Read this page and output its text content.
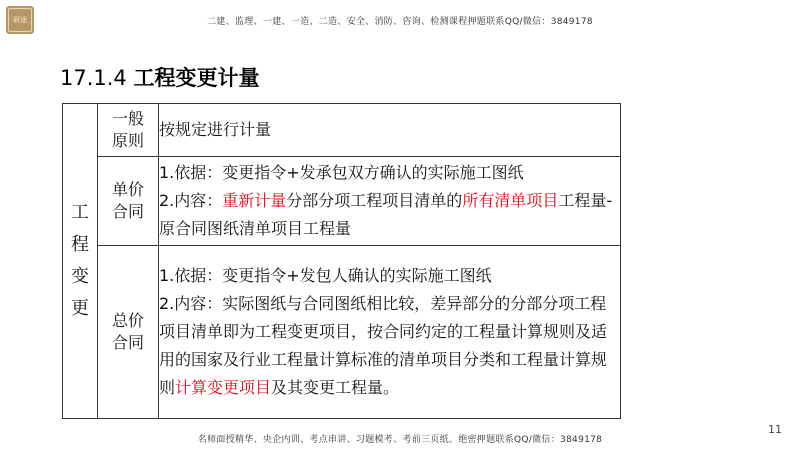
研途	二建、监理、一建、一造、二造、安全、消防、咨询、检测课程押题联系QQ/微信：3849178
17.1.4 工程变更计量
工程变更	一般原则	按规定进行计量

	单价合同	1.依据：变更指令+发承包双方确认的实际施工图纸
2.内容：重新计量分部分项工程项目清单的所有清单项目工程量-原合同图纸清单项目工程量

	总价合同	1.依据：变更指令+发包人确认的实际施工图纸
2.内容：实际图纸与合同图纸相比较，差异部分的分部分项工程项目清单即为工程变更项目，按合同约定的工程量计算规则及适用的国家及行业工程量计算标准的清单项目分类和工程量计算规则计算变更项目及其变更工程量。
11
名师面授精华、央企内训、考点串讲、习题模考、考前三页纸、绝密押题联系QQ/微信：3849178
